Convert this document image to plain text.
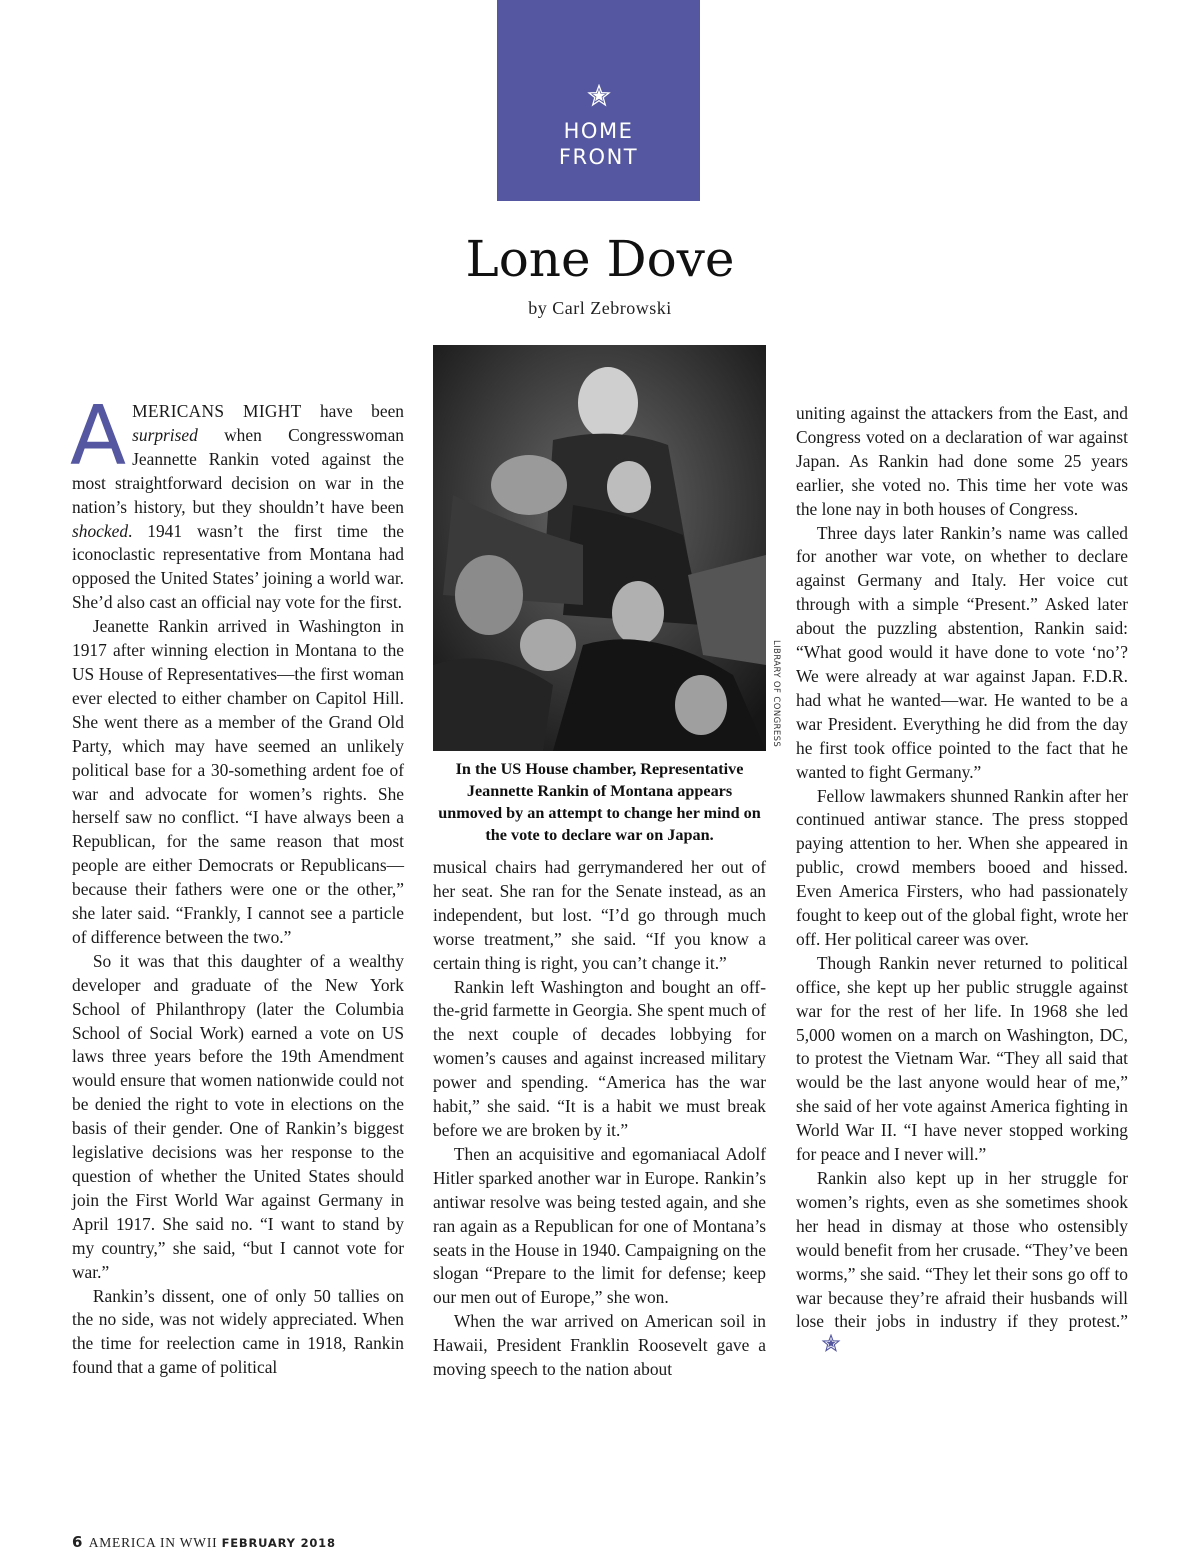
HOME
FRONT
Lone Dove
by Carl Zebrowski

AMERICANS MIGHT have been surprised when Congresswoman Jeannette Rankin voted against the most straightforward decision on war in the nation’s history, but they shouldn’t have been shocked. 1941 wasn’t the first time the iconoclastic representative from Montana had opposed the United States’ joining a world war. She’d also cast an official nay vote for the first.

Jeanette Rankin arrived in Washington in 1917 after winning election in Montana to the US House of Representatives—the first woman ever elected to either chamber on Capitol Hill. She went there as a member of the Grand Old Party, which may have seemed an unlikely political base for a 30-something ardent foe of war and advocate for women’s rights. She herself saw no conflict. “I have always been a Republican, for the same reason that most people are either Democrats or Republicans—because their fathers were one or the other,” she later said. “Frankly, I cannot see a particle of difference between the two.”

So it was that this daughter of a wealthy developer and graduate of the New York School of Philanthropy (later the Columbia School of Social Work) earned a vote on US laws three years before the 19th Amendment would ensure that women nationwide could not be denied the right to vote in elections on the basis of their gender. One of Rankin’s biggest legislative decisions was her response to the question of whether the United States should join the First World War against Germany in April 1917. She said no. “I want to stand by my country,” she said, “but I cannot vote for war.”

Rankin’s dissent, one of only 50 tallies on the no side, was not widely appreciated. When the time for reelection came in 1918, Rankin found that a game of political

LIBRARY OF CONGRESS
In the US House chamber, Representative Jeannette Rankin of Montana appears unmoved by an attempt to change her mind on the vote to declare war on Japan.

musical chairs had gerrymandered her out of her seat. She ran for the Senate instead, as an independent, but lost. “I’d go through much worse treatment,” she said. “If you know a certain thing is right, you can’t change it.”

Rankin left Washington and bought an off-the-grid farmette in Georgia. She spent much of the next couple of decades lobbying for women’s causes and against increased military power and spending. “America has the war habit,” she said. “It is a habit we must break before we are broken by it.”

Then an acquisitive and egomaniacal Adolf Hitler sparked another war in Europe. Rankin’s antiwar resolve was being tested again, and she ran again as a Republican for one of Montana’s seats in the House in 1940. Campaigning on the slogan “Prepare to the limit for defense; keep our men out of Europe,” she won.

When the war arrived on American soil in Hawaii, President Franklin Roosevelt gave a moving speech to the nation about

uniting against the attackers from the East, and Congress voted on a declaration of war against Japan. As Rankin had done some 25 years earlier, she voted no. This time her vote was the lone nay in both houses of Congress.

Three days later Rankin’s name was called for another war vote, on whether to declare against Germany and Italy. Her voice cut through with a simple “Present.” Asked later about the puzzling abstention, Rankin said: “What good would it have done to vote ‘no’? We were already at war against Japan. F.D.R. had what he wanted—war. He wanted to be a war President. Everything he did from the day he first took office pointed to the fact that he wanted to fight Germany.”

Fellow lawmakers shunned Rankin after her continued antiwar stance. The press stopped paying attention to her. When she appeared in public, crowd members booed and hissed. Even America Firsters, who had passionately fought to keep out of the global fight, wrote her off. Her political career was over.

Though Rankin never returned to political office, she kept up her public struggle against war for the rest of her life. In 1968 she led 5,000 women on a march on Washington, DC, to protest the Vietnam War. “They all said that would be the last anyone would hear of me,” she said of her vote against America fighting in World War II. “I have never stopped working for peace and I never will.”

Rankin also kept up in her struggle for women’s rights, even as she sometimes shook her head in dismay at those who ostensibly would benefit from her crusade. “They’ve been worms,” she said. “They let their sons go off to war because they’re afraid their husbands will lose their jobs in industry if they protest.”

6 AMERICA IN WWII FEBRUARY 2018
